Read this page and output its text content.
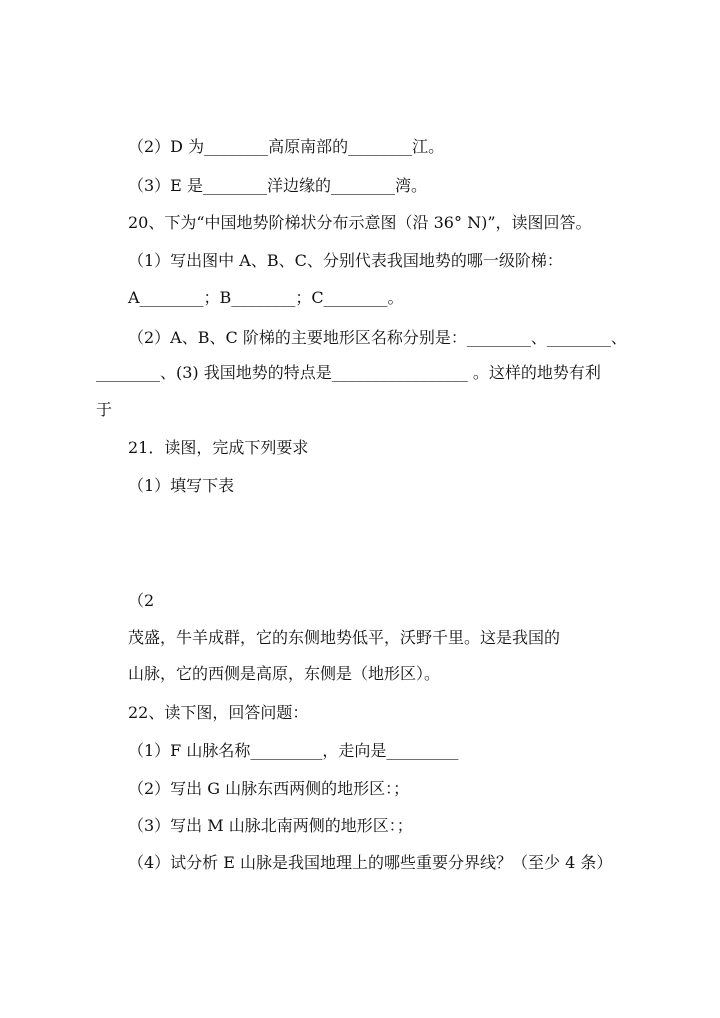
（2）D 为________高原南部的________江。
（3）E 是________洋边缘的________湾。
20、下为“中国地势阶梯状分布示意图（沿 36° N)”，读图回答。
（1）写出图中 A、B、C、分别代表我国地势的哪一级阶梯：
A________；B________；C________。
（2）A、B、C 阶梯的主要地形区名称分别是：________、________、
________、(3) 我国地势的特点是_________________ 。这样的地势有利
于
21．读图，完成下列要求
（1）填写下表
（2
茂盛，牛羊成群，它的东侧地势低平，沃野千里。这是我国的
山脉，它的西侧是高原，东侧是（地形区）。
22、读下图，回答问题：
（1）F 山脉名称_________，走向是_________
（2）写出 G 山脉东西两侧的地形区：；
（3）写出 M 山脉北南两侧的地形区：；
（4）试分析 E 山脉是我国地理上的哪些重要分界线？（至少 4 条）
